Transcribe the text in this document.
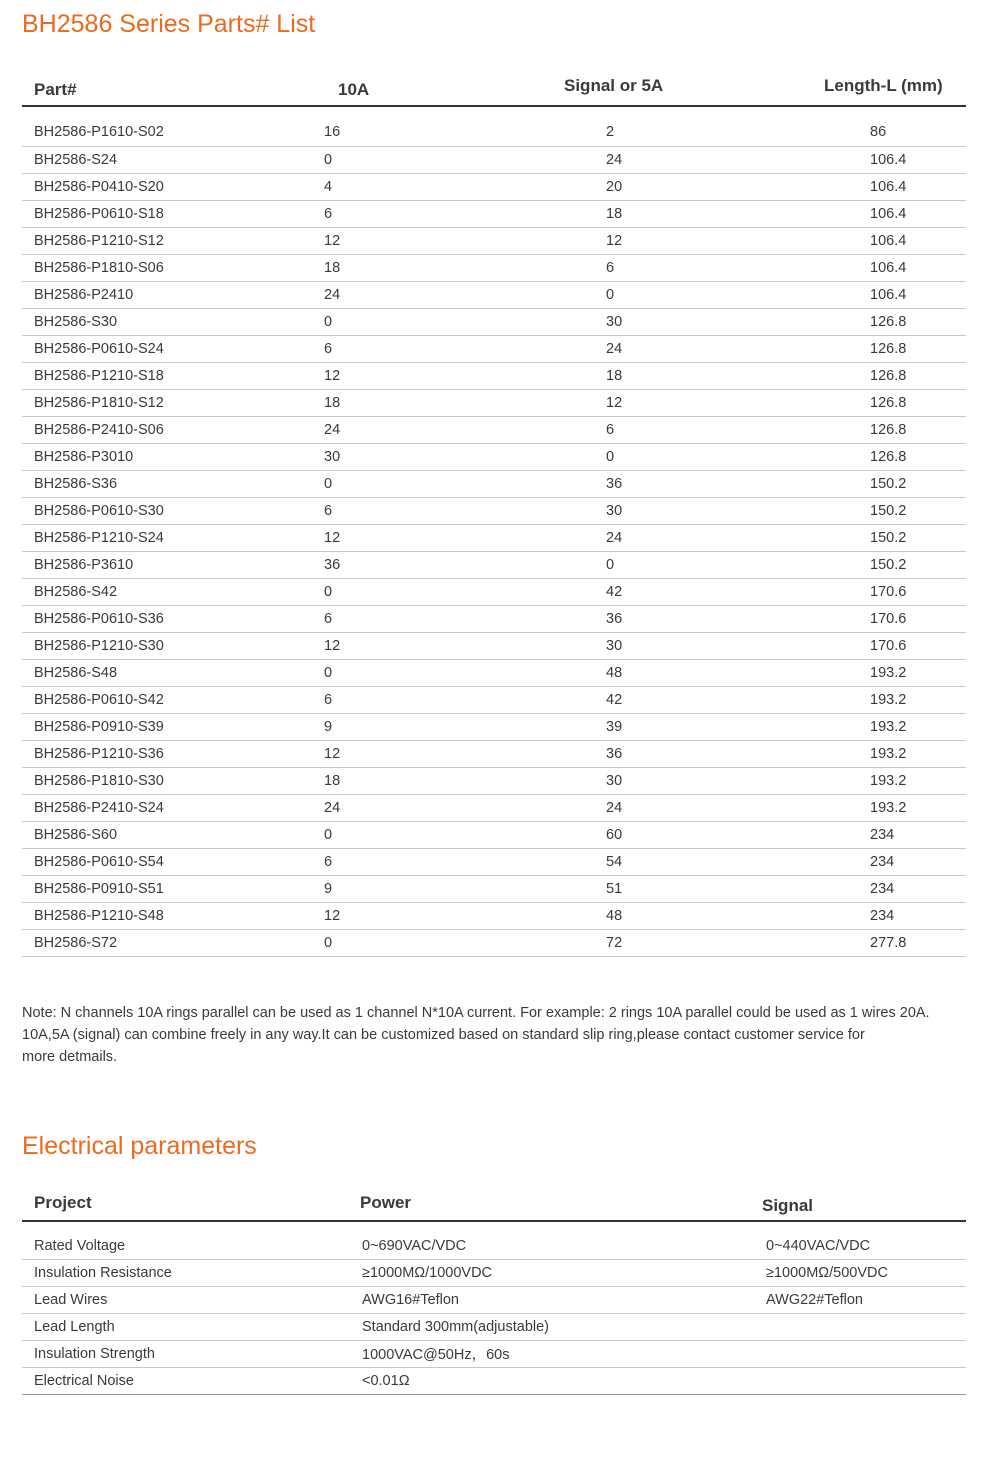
BH2586 Series Parts# List
Part#	10A	Signal or 5A	Length-L (mm)
BH2586-P1610-S02	16	2	86
BH2586-S24	0	24	106.4
BH2586-P0410-S20	4	20	106.4
BH2586-P0610-S18	6	18	106.4
BH2586-P1210-S12	12	12	106.4
BH2586-P1810-S06	18	6	106.4
BH2586-P2410	24	0	106.4
BH2586-S30	0	30	126.8
BH2586-P0610-S24	6	24	126.8
BH2586-P1210-S18	12	18	126.8
BH2586-P1810-S12	18	12	126.8
BH2586-P2410-S06	24	6	126.8
BH2586-P3010	30	0	126.8
BH2586-S36	0	36	150.2
BH2586-P0610-S30	6	30	150.2
BH2586-P1210-S24	12	24	150.2
BH2586-P3610	36	0	150.2
BH2586-S42	0	42	170.6
BH2586-P0610-S36	6	36	170.6
BH2586-P1210-S30	12	30	170.6
BH2586-S48	0	48	193.2
BH2586-P0610-S42	6	42	193.2
BH2586-P0910-S39	9	39	193.2
BH2586-P1210-S36	12	36	193.2
BH2586-P1810-S30	18	30	193.2
BH2586-P2410-S24	24	24	193.2
BH2586-S60	0	60	234
BH2586-P0610-S54	6	54	234
BH2586-P0910-S51	9	51	234
BH2586-P1210-S48	12	48	234
BH2586-S72	0	72	277.8
Note: N channels 10A rings parallel can be used as 1 channel N*10A current. For example: 2 rings 10A parallel could be used as 1 wires 20A.
10A,5A (signal) can combine freely in any way.It can be customized based on standard slip ring,please contact customer service for
more detmails.
Electrical parameters
Project	Power	Signal
Rated Voltage	0~690VAC/VDC	0~440VAC/VDC
Insulation Resistance	≥1000MΩ/1000VDC	≥1000MΩ/500VDC
Lead Wires	AWG16#Teflon	AWG22#Teflon
Lead Length	Standard 300mm(adjustable)	
Insulation Strength	1000VAC@50Hz，60s	
Electrical Noise	<0.01Ω	
